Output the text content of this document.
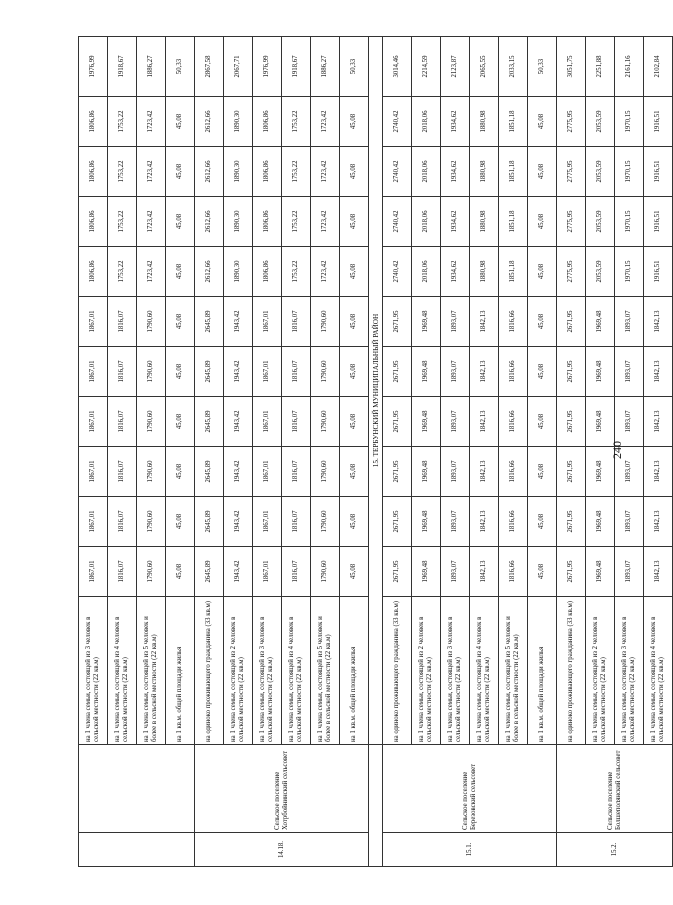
		на 1 члена семьи, состоящей из 3 человек в сельской местности (22 кв.м)	1867,01	1867,01	1867,01	1867,01	1867,01	1867,01	1806,86	1806,86	1806,86	1806,86	1976,99
		на 1 члена семьи, состоящей из 4 человек в сельской местности (22 кв.м)	1816,07	1816,07	1816,07	1816,07	1816,07	1816,07	1753,22	1753,22	1753,22	1753,22	1918,67
		на 1 члена семьи, состоящей из 5 человек и более в сельской местности (22 кв.м)	1790,60	1790,60	1790,60	1790,60	1790,60	1790,60	1723,42	1723,42	1723,42	1723,42	1886,27
		на 1 кв.м. общей площади жилья	45,08	45,08	45,08	45,08	45,08	45,08	45,08	45,08	45,08	45,08	50,33
14.18.	Сельское поселение Хотрбойнинский сельсовет	на одиноко проживающего гражданина (33 кв.м)	2645,89	2645,89	2645,89	2645,89	2645,89	2645,89	2612,66	2612,66	2612,66	2612,66	2867,58
		на 1 члена семьи, состоящей из 2 человек в сельской местности (22 кв.м)	1943,42	1943,42	1943,42	1943,42	1943,42	1943,42	1890,30	1890,30	1890,30	1890,30	2067,71
		на 1 члена семьи, состоящей из 3 человек в сельской местности (22 кв.м)	1867,01	1867,01	1867,01	1867,01	1867,01	1867,01	1806,86	1806,86	1806,86	1806,86	1976,99
		на 1 члена семьи, состоящей из 4 человек в сельской местности (22 кв.м)	1816,07	1816,07	1816,07	1816,07	1816,07	1816,07	1753,22	1753,22	1753,22	1753,22	1918,67
		на 1 члена семьи, состоящей из 5 человек и более в сельской местности (22 кв.м)	1790,60	1790,60	1790,60	1790,60	1790,60	1790,60	1723,42	1723,42	1723,42	1723,42	1886,27
		на 1 кв.м. общей площади жилья	45,08	45,08	45,08	45,08	45,08	45,08	45,08	45,08	45,08	45,08	50,33
		15. ТЕРБУНСКИЙ МУНИЦИПАЛЬНЫЙ РАЙОН											
15.1.	Сельское поселение Березовский сельсовет	на одиноко проживающего гражданина (33 кв.м)	2671,95	2671,95	2671,95	2671,95	2671,95	2671,95	2740,42	2740,42	2740,42	2740,42	3014,46
		на 1 члена семьи, состоящей из 2 человек в сельской местности (22 кв.м)	1969,48	1969,48	1969,48	1969,48	1969,48	1969,48	2018,06	2018,06	2018,06	2018,06	2214,59
		на 1 члена семьи, состоящей из 3 человек в сельской местности (22 кв.м)	1893,07	1893,07	1893,07	1893,07	1893,07	1893,07	1934,62	1934,62	1934,62	1934,62	2123,87
		на 1 члена семьи, состоящей из 4 человек в сельской местности (22 кв.м)	1842,13	1842,13	1842,13	1842,13	1842,13	1842,13	1880,98	1880,98	1880,98	1880,98	2065,55
		на 1 члена семьи, состоящей из 5 человек и более в сельской местности (22 кв.м)	1816,66	1816,66	1816,66	1816,66	1816,66	1816,66	1851,18	1851,18	1851,18	1851,18	2033,15
		на 1 кв.м. общей площади жилья	45,08	45,08	45,08	45,08	45,08	45,08	45,08	45,08	45,08	45,08	50,33
15.2.	Сельское поселение Болшеполянский сельсовет	на одиноко проживающего гражданина (33 кв.м)	2671,95	2671,95	2671,95	2671,95	2671,95	2671,95	2775,95	2775,95	2775,95	2775,95	3051,75
		на 1 члена семьи, состоящей из 2 человек в сельской местности (22 кв.м)	1969,48	1969,48	1969,48	1969,48	1969,48	1969,48	2053,59	2053,59	2053,59	2053,59	2251,88
		на 1 члена семьи, состоящей из 3 человек в сельской местности (22 кв.м)	1893,07	1893,07	1893,07	1893,07	1893,07	1893,07	1970,15	1970,15	1970,15	1970,15	2161,16
		на 1 члена семьи, состоящей из 4 человек в сельской местности (22 кв.м)	1842,13	1842,13	1842,13	1842,13	1842,13	1842,13	1916,51	1916,51	1916,51	1916,51	2102,84
240
